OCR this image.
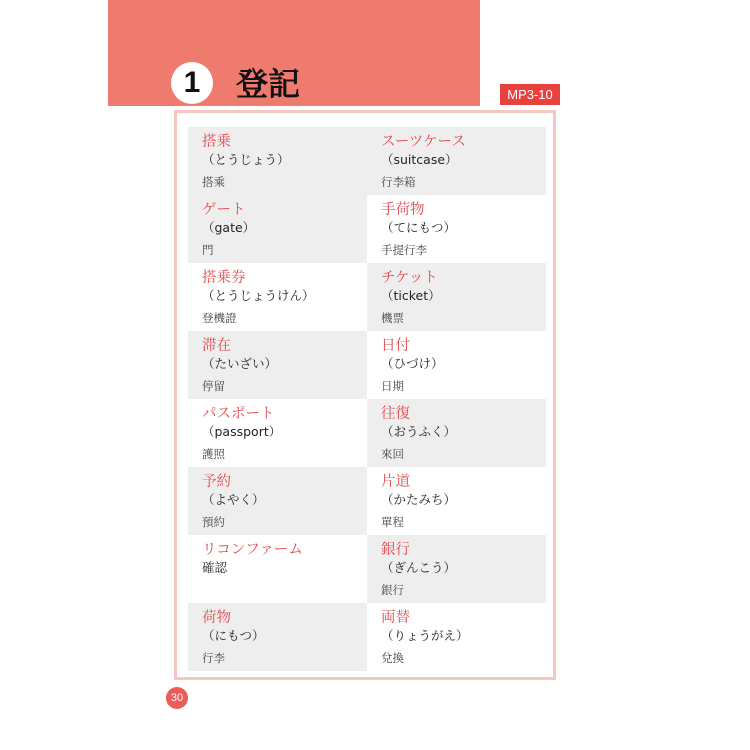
1	登記	MP3-10
搭乗
（とうじょう）
搭乘
スーツケース
（suitcase）
行李箱
ゲート
（gate）
門
手荷物
（てにもつ）
手提行李
搭乗券
（とうじょうけん）
登機證
チケット
（ticket）
機票
滞在
（たいざい）
停留
日付
（ひづけ）
日期
パスポート
（passport）
護照
往復
（おうふく）
來回
予約
（よやく）
預約
片道
（かたみち）
單程
リコンファーム
確認
銀行
（ぎんこう）
銀行
荷物
（にもつ）
行李
両替
（りょうがえ）
兌換
30
